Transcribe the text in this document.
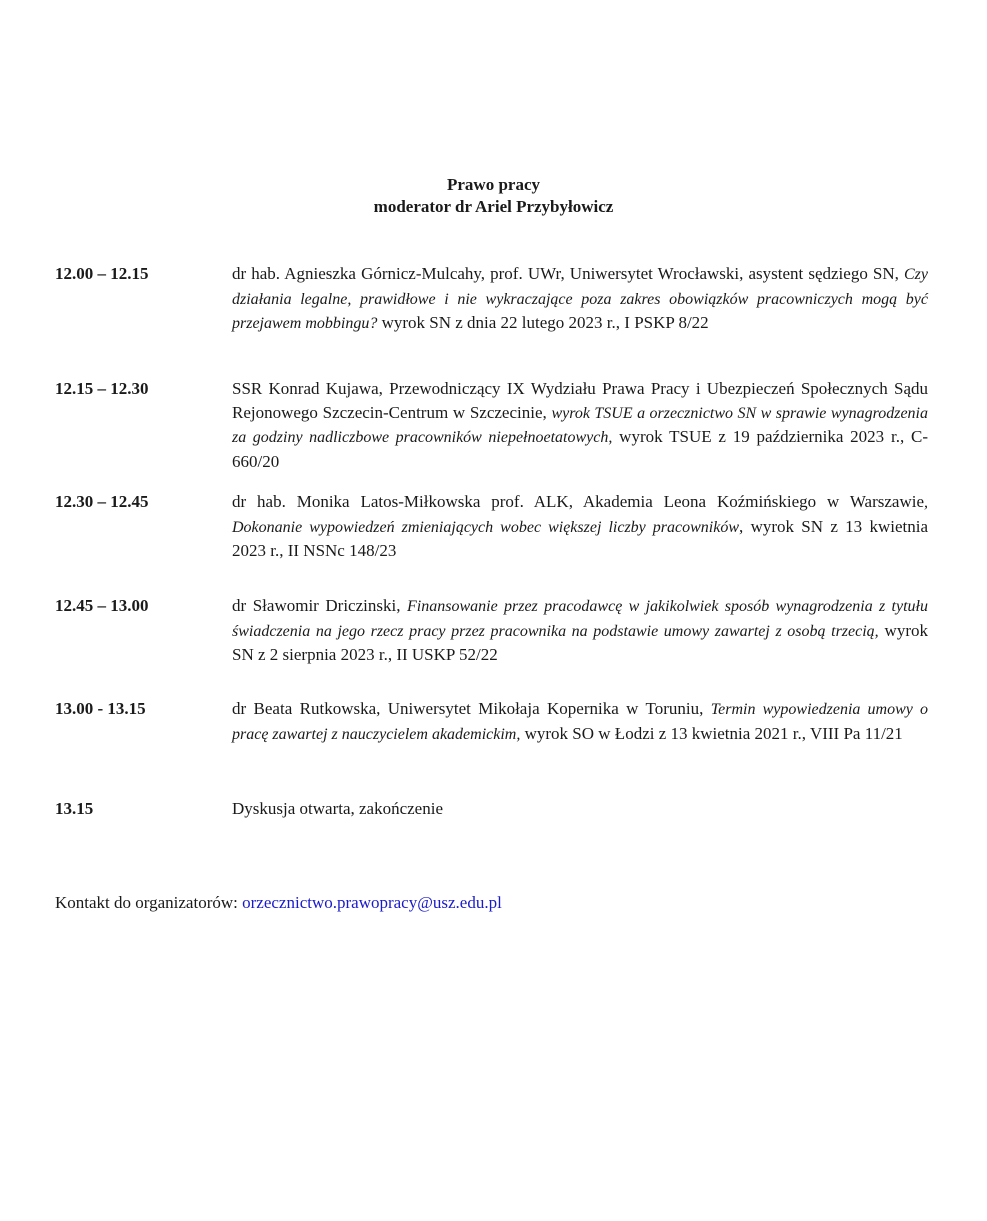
Prawo pracy
moderator dr Ariel Przybyłowicz
12.00 – 12.15	dr hab. Agnieszka Górnicz-Mulcahy, prof. UWr, Uniwersytet Wrocławski, asystent sędziego SN, Czy działania legalne, prawidłowe i nie wykraczające poza zakres obowiązków pracowniczych mogą być przejawem mobbingu? wyrok SN z dnia 22 lutego 2023 r., I PSKP 8/22
12.15 – 12.30	SSR Konrad Kujawa, Przewodniczący IX Wydziału Prawa Pracy i Ubezpieczeń Społecznych Sądu Rejonowego Szczecin-Centrum w Szczecinie, wyrok TSUE a orzecznictwo SN w sprawie wynagrodzenia za godziny nadliczbowe pracowników niepełnoetatowych, wyrok TSUE z 19 października 2023 r., C-660/20
12.30 – 12.45	dr hab. Monika Latos-Miłkowska prof. ALK, Akademia Leona Koźmińskiego w Warszawie, Dokonanie wypowiedzeń zmieniających wobec większej liczby pracowników, wyrok SN z 13 kwietnia 2023 r., II NSNc 148/23
12.45 – 13.00	dr Sławomir Driczinski, Finansowanie przez pracodawcę w jakikolwiek sposób wynagrodzenia z tytułu świadczenia na jego rzecz pracy przez pracownika na podstawie umowy zawartej z osobą trzecią, wyrok SN z 2 sierpnia 2023 r., II USKP 52/22
13.00 - 13.15	dr Beata Rutkowska, Uniwersytet Mikołaja Kopernika w Toruniu, Termin wypowiedzenia umowy o pracę zawartej z nauczycielem akademickim, wyrok SO w Łodzi z 13 kwietnia 2021 r., VIII Pa 11/21
13.15	Dyskusja otwarta, zakończenie
Kontakt do organizatorów: orzecznictwo.prawopracy@usz.edu.pl
